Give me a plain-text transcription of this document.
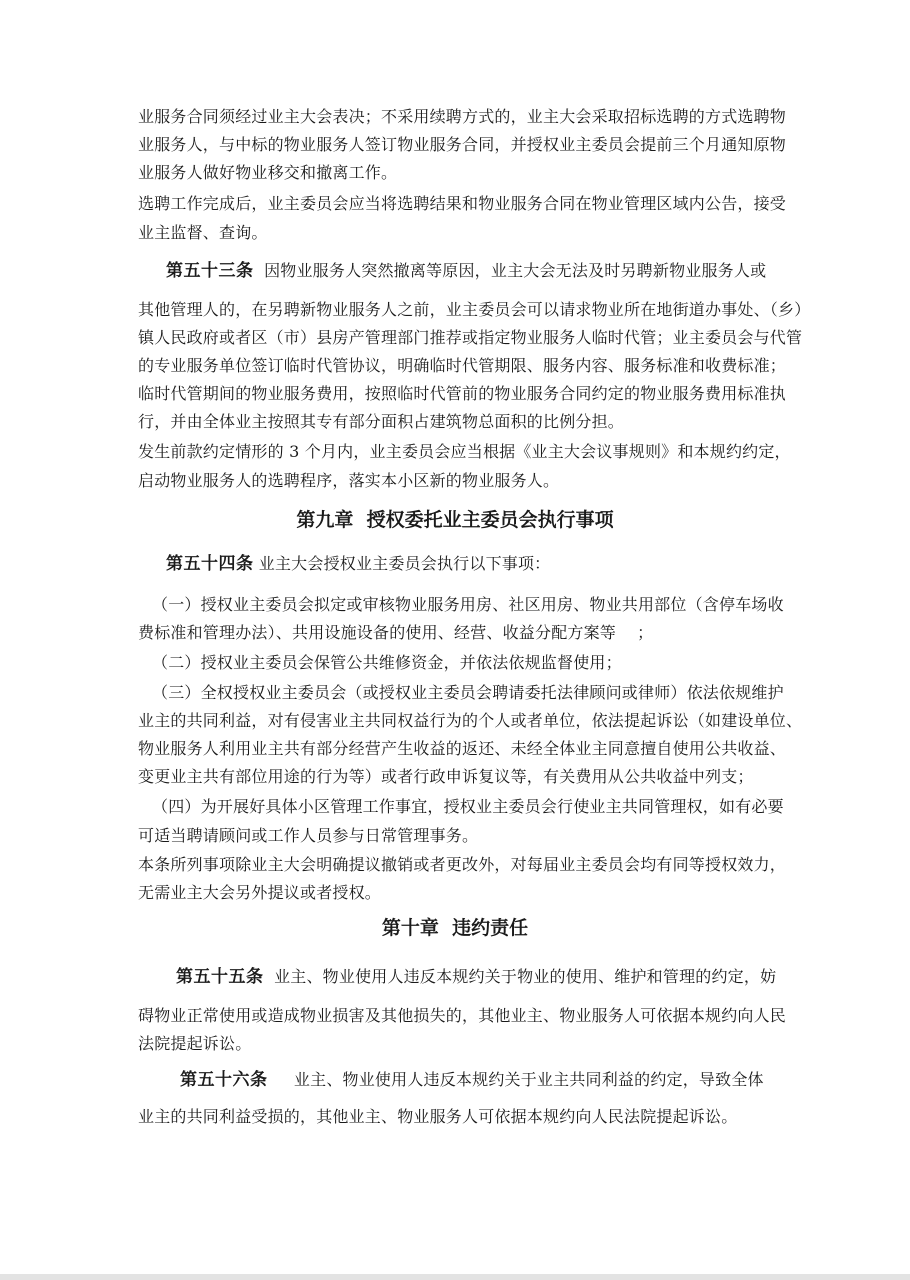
业服务合同须经过业主大会表决；不采用续聘方式的，业主大会采取招标选聘的方式选聘物
业服务人，与中标的物业服务人签订物业服务合同，并授权业主委员会提前三个月通知原物
业服务人做好物业移交和撤离工作。
选聘工作完成后，业主委员会应当将选聘结果和物业服务合同在物业管理区域内公告，接受
业主监督、查询。
第五十三条  因物业服务人突然撤离等原因，业主大会无法及时另聘新物业服务人或
其他管理人的，在另聘新物业服务人之前，业主委员会可以请求物业所在地街道办事处、（乡）
镇人民政府或者区（市）县房产管理部门推荐或指定物业服务人临时代管；业主委员会与代管
的专业服务单位签订临时代管协议，明确临时代管期限、服务内容、服务标准和收费标准；
临时代管期间的物业服务费用，按照临时代管前的物业服务合同约定的物业服务费用标准执
行，并由全体业主按照其专有部分面积占建筑物总面积的比例分担。
发生前款约定情形的 3 个月内，业主委员会应当根据《业主大会议事规则》和本规约约定，
启动物业服务人的选聘程序，落实本小区新的物业服务人。
第五十四条 业主大会授权业主委员会执行以下事项：
（一）授权业主委员会拟定或审核物业服务用房、社区用房、物业共用部位（含停车场收
费标准和管理办法）、共用设施设备的使用、经营、收益分配方案等    ；
（二）授权业主委员会保管公共维修资金，并依法依规监督使用；
（三）全权授权业主委员会（或授权业主委员会聘请委托法律顾问或律师）依法依规维护
业主的共同利益，对有侵害业主共同权益行为的个人或者单位，依法提起诉讼（如建设单位、
物业服务人利用业主共有部分经营产生收益的返还、未经全体业主同意擅自使用公共收益、
变更业主共有部位用途的行为等）或者行政申诉复议等，有关费用从公共收益中列支；
（四）为开展好具体小区管理工作事宜，授权业主委员会行使业主共同管理权，如有必要
可适当聘请顾问或工作人员参与日常管理事务。
本条所列事项除业主大会明确提议撤销或者更改外，对每届业主委员会均有同等授权效力，
无需业主大会另外提议或者授权。
第五十五条  业主、物业使用人违反本规约关于物业的使用、维护和管理的约定，妨
碍物业正常使用或造成物业损害及其他损失的，其他业主、物业服务人可依据本规约向人民
法院提起诉讼。
第五十六条     业主、物业使用人违反本规约关于业主共同利益的约定，导致全体
业主的共同利益受损的，其他业主、物业服务人可依据本规约向人民法院提起诉讼。
第九章  授权委托业主委员会执行事项
第十章  违约责任
